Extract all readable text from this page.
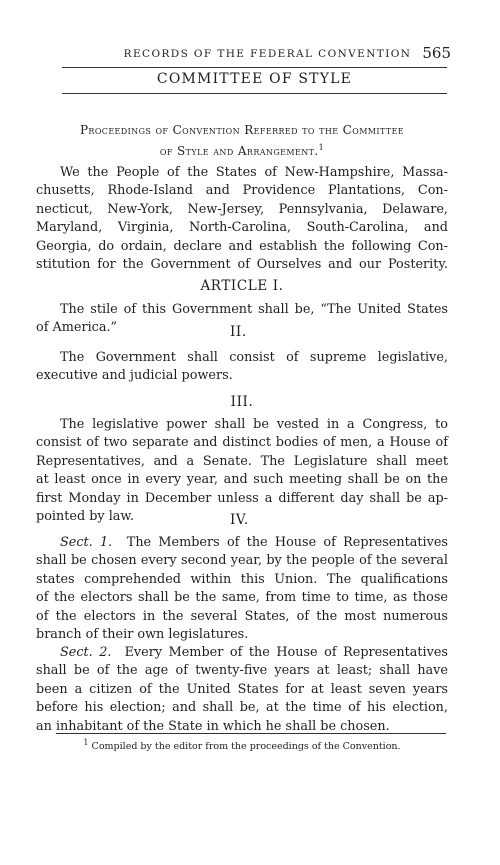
RECORDS OF THE FEDERAL CONVENTION 565
COMMITTEE OF STYLE
Proceedings of Convention Referred to the Committee
of Style and Arrangement.$^1$
We the People of the States of New-Hampshire, Massa-
chusetts, Rhode-Island and Providence Plantations, Con-
necticut, New-York, New-Jersey, Pennsylvania, Delaware,
Maryland, Virginia, North-Carolina, South-Carolina, and
Georgia, do ordain, declare and establish the following Con-
stitution for the Government of Ourselves and our Posterity.
ARTICLE I.
The stile of this Government shall be, “The United States
of America.”	II.
The Government shall consist of supreme legislative,
executive and judicial powers.
III.
The legislative power shall be vested in a Congress, to
consist of two separate and distinct bodies of men, a House of
Representatives, and a Senate. The Legislature shall meet
at least once in every year, and such meeting shall be on the
first Monday in December unless a different day shall be ap-
pointed by law.	IV.
Sect. 1. The Members of the House of Representatives
shall be chosen every second year, by the people of the several
states comprehended within this Union. The qualifications
of the electors shall be the same, from time to time, as those
of the electors in the several States, of the most numerous
branch of their own legislatures.
Sect. 2. Every Member of the House of Representatives
shall be of the age of twenty-five years at least; shall have
been a citizen of the United States for at least seven years
before his election; and shall be, at the time of his election,
an inhabitant of the State in which he shall be chosen.
$^1$ Compiled by the editor from the proceedings of the Convention.
